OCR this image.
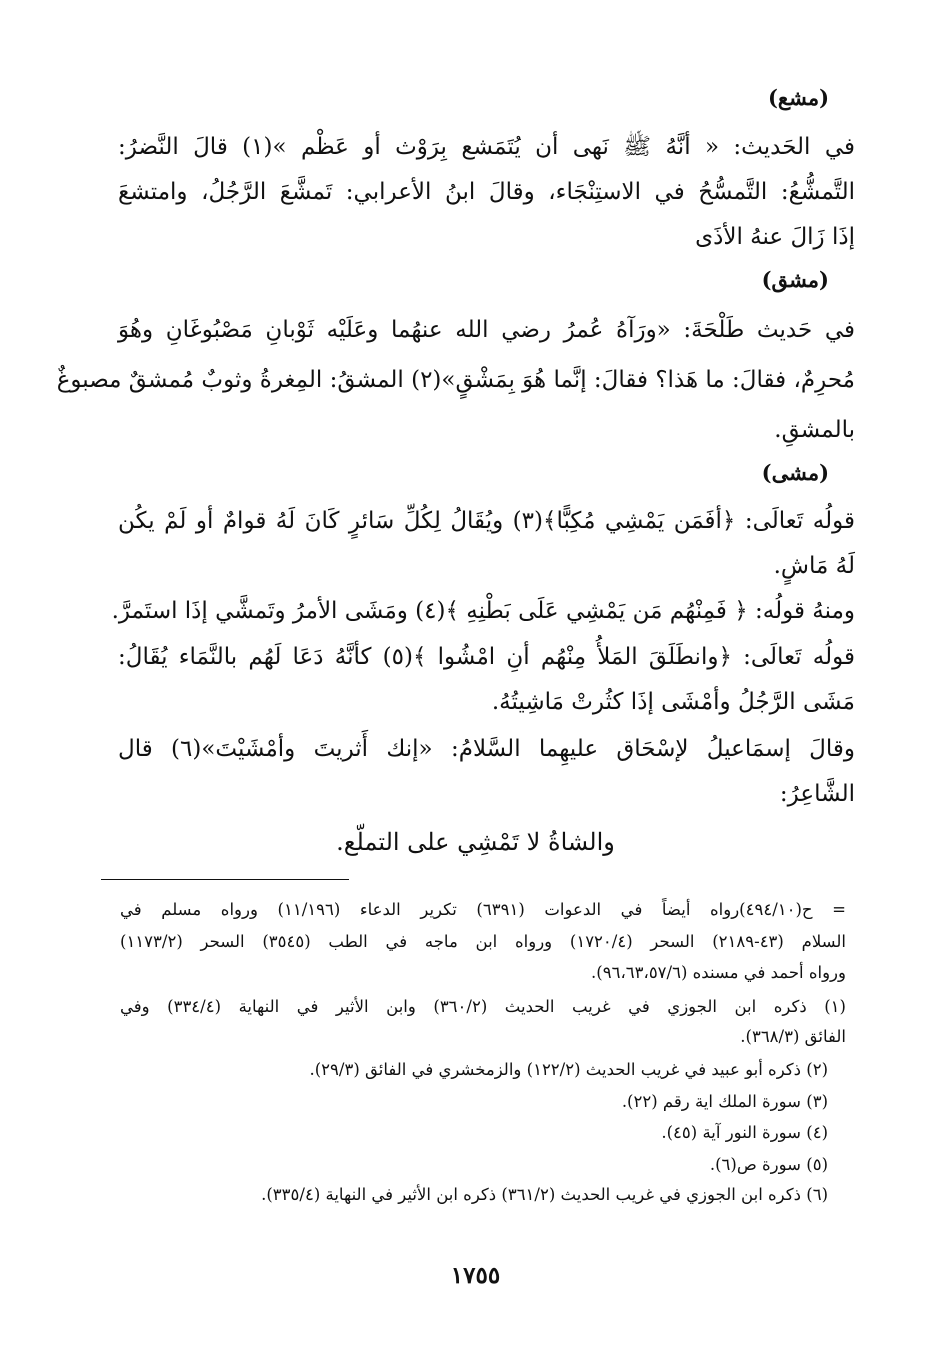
(مشع)
في الحَديث: « أنَّهُ ﷺ نَهى أن يُتَمَشع بِرَوْث أو عَظْم »(١) قالَ النَّضرُ:
التَّمشُّعُ: التَّمسُّحُ في الاستِنْجَاء، وقالَ ابنُ الأعرابي: تَمشَّعَ الرَّجُلُ، وامتشعَ
إذَا زَالَ عنهُ الأذَى
(مشق)
في حَديث طَلْحَةَ: «ورَآهُ عُمرُ رضي الله عنهُما وعَلَيْه ثَوْبانِ مَصْبُوغَانِ وهُوَ
مُحرِمٌ، فقالَ: ما هَذا؟ فقالَ: إنَّما هُوَ بِمَشْقٍ»(٢) المشقُ: المِغرةُ وثوبٌ مُمشقٌ مصبوغٌ
بالمشقِ.
(مشى)
قولُه تَعالَى: ﴿أفَمَن يَمْشِي مُكِبًّا﴾(٣) ويُقَالُ لِكُلِّ سَائرٍ كَانَ لَهُ قوامٌ أو لَمْ يكُن
لَهُ مَاشٍ.
ومنهُ قولُه: ﴿ فَمِنْهُم مَن يَمْشِي عَلَى بَطْنِهِ ﴾(٤) ومَشَى الأمرُ وتَمشَّي إذَا استَمرَّ.
قولُه تَعالَى: ﴿وانطَلَقَ المَلأُ مِنْهُم أنِ امْشُوا ﴾(٥) كأنَّهُ دَعَا لَهُم بالنَّمَاء يُقَالُ:
مَشَى الرَّجُلُ وأمْشَى إذَا كثُرتْ مَاشِيتُهُ.
وقالَ إسمَاعيلُ لإسْحَاق عليهِما السَّلامُ: «إنك أَثريتَ وأمْشَيْتَ»(٦) قال
الشَّاعِرُ:
والشاةُ لا تَمْشِي على التملّع.
= ح(٤٩٤/١٠)رواه أيضاً في الدعوات (٦٣٩١) تكرير الدعاء (١١/١٩٦) ورواه مسلم في
السلام (٤٣-٢١٨٩) السحر (١٧٢٠/٤) ورواه ابن ماجه في الطب (٣٥٤٥) السحر (١١٧٣/٢)
ورواه أحمد في مسنده (٩٦،٦٣،٥٧/٦).
(١) ذكره ابن الجوزي في غريب الحديث (٣٦٠/٢) وابن الأثير في النهاية (٣٣٤/٤) وفي
الفائق (٣٦٨/٣).
(٢) ذكره أبو عبيد في غريب الحديث (١٢٢/٢) والزمخشري في الفائق (٢٩/٣).
(٣) سورة الملك اية رقم (٢٢).
(٤) سورة النور آية (٤٥).
(٥) سورة ص(٦).
(٦) ذكره ابن الجوزي في غريب الحديث (٣٦١/٢) ذكره ابن الأثير في النهاية (٣٣٥/٤).
١٧٥٥
